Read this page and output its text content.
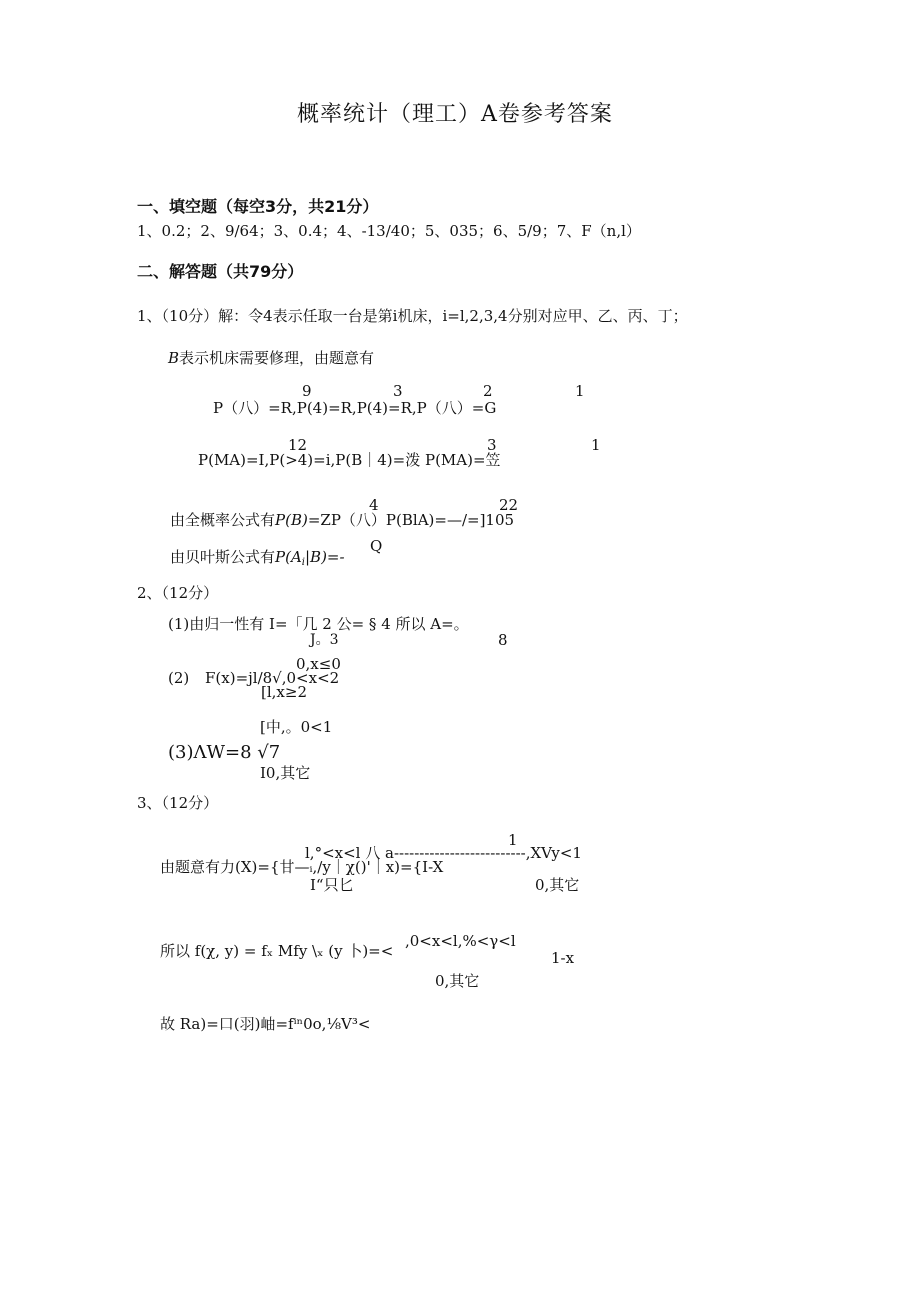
概率统计（理工）A卷参考答案
一、填空题（每空3分，共21分）
1、0.2；2、9/64；3、0.4；4、-13/40；5、035；6、5/9；7、F（n,l）
二、解答题（共79分）
1、（10分）解：令4表示任取一台是第i机床，i=l,2,3,4分别对应甲、乙、丙、丁；
B表示机床需要修理，由题意有
9	3	2	1
P（八）=R,P(4)=R,P(4)=R,P（八）=G
12	3	1
P(MA)=I,P(>4)=i,P(B｜4)=泼 P(MA)=笠
4	22
由全概率公式有P(B)=ZP（八）P(BlA)=—/=]105
Q
由贝叶斯公式有$P(A_i|B)=-$
2、（12分）
(1)由归一性有 I=「几 2 公= § 4 所以 A=。
J。3	8
0,x≤0
(2) F(x)=jl/8√,0<x<2
[l,x≥2
[中,。0<1
(3)ΛW=8 √7
I0,其它
3、（12分）
1
l,°<x<l 八 a--------------------------,XVy<1
由题意有力(X)={甘—ᵢ,∕y｜χ()'｜x)={I-X
I“只匕	0,其它
,0<x<l,%<γ<l
所以 f(χ, y) = fₓ Mfy \ₓ (y 卜)=<	1-x
0,其它
故 Ra)=口(羽)岫=fⁱⁿ0o,⅛V³<
